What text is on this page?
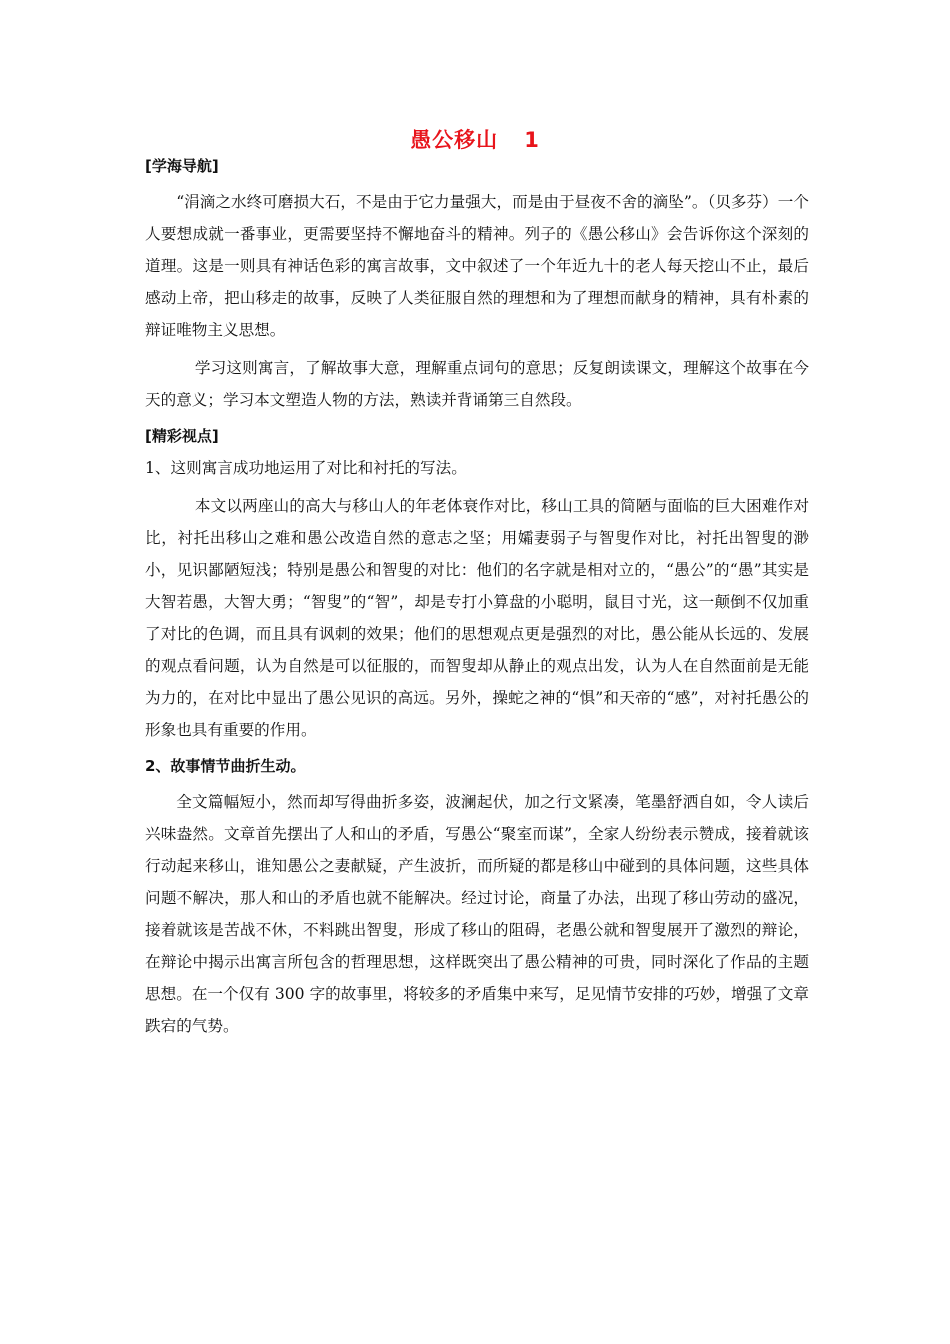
愚公移山 1

[学海导航]

“涓滴之水终可磨损大石，不是由于它力量强大，而是由于昼夜不舍的滴坠”。（贝多芬）一个人要想成就一番事业，更需要坚持不懈地奋斗的精神。列子的《愚公移山》会告诉你这个深刻的道理。这是一则具有神话色彩的寓言故事，文中叙述了一个年近九十的老人每天挖山不止，最后感动上帝，把山移走的故事，反映了人类征服自然的理想和为了理想而献身的精神，具有朴素的辩证唯物主义思想。

学习这则寓言，了解故事大意，理解重点词句的意思；反复朗读课文，理解这个故事在今天的意义；学习本文塑造人物的方法，熟读并背诵第三自然段。

[精彩视点]

1、这则寓言成功地运用了对比和衬托的写法。

本文以两座山的高大与移山人的年老体衰作对比，移山工具的简陋与面临的巨大困难作对比，衬托出移山之难和愚公改造自然的意志之坚；用孀妻弱子与智叟作对比，衬托出智叟的渺小，见识鄙陋短浅；特别是愚公和智叟的对比：他们的名字就是相对立的，“愚公”的“愚”其实是大智若愚，大智大勇；“智叟”的“智”，却是专打小算盘的小聪明，鼠目寸光，这一颠倒不仅加重了对比的色调，而且具有讽刺的效果；他们的思想观点更是强烈的对比，愚公能从长远的、发展的观点看问题，认为自然是可以征服的，而智叟却从静止的观点出发，认为人在自然面前是无能为力的，在对比中显出了愚公见识的高远。另外，操蛇之神的“惧”和天帝的“感”，对衬托愚公的形象也具有重要的作用。

2、故事情节曲折生动。

全文篇幅短小，然而却写得曲折多姿，波澜起伏，加之行文紧凑，笔墨舒洒自如，令人读后兴味盎然。文章首先摆出了人和山的矛盾，写愚公“聚室而谋”，全家人纷纷表示赞成，接着就该行动起来移山，谁知愚公之妻献疑，产生波折，而所疑的都是移山中碰到的具体问题，这些具体问题不解决，那人和山的矛盾也就不能解决。经过讨论，商量了办法，出现了移山劳动的盛况，接着就该是苦战不休，不料跳出智叟，形成了移山的阻碍，老愚公就和智叟展开了激烈的辩论，在辩论中揭示出寓言所包含的哲理思想，这样既突出了愚公精神的可贵，同时深化了作品的主题思想。在一个仅有 300 字的故事里，将较多的矛盾集中来写，足见情节安排的巧妙，增强了文章跌宕的气势。
